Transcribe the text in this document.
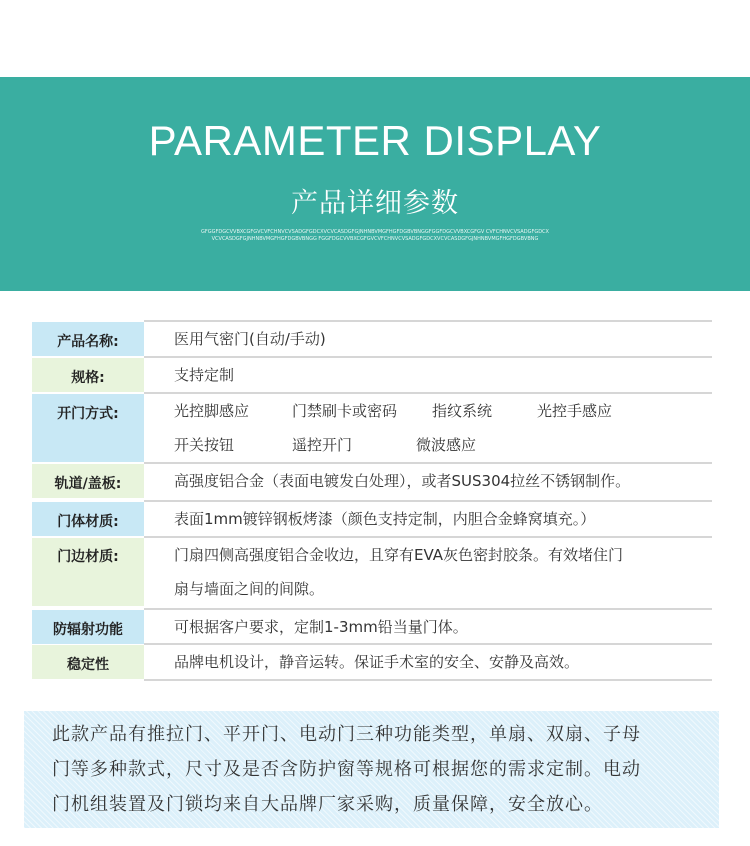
PARAMETER DISPLAY
产品详细参数
GFGGFDGCVVBXCGFGVCVFCHNVCVSADGFGDCXVCVCASDGFGJNHNBVMGFHGFDGBVBNGGFGGFDGCVVBXCGFGV CVFCHNVCVSADGFGDCXVCVCASDGFGJNHNBVMGFHGFDGBVBNGG FGGFDGCVVBXCGFGVCVFCHNVCVSADGFGDCXVCVCASDGFGJNHNBVMGFHGFDGBVBNG
产品名称:	医用气密门(自动/手动)
规格:	支持定制
开门方式:	光控脚感应	门禁刷卡或密码 指纹系统	光控手感应
开关按钮	遥控开门	微波感应
轨道/盖板:	高强度铝合金（表面电镀发白处理），或者SUS304拉丝不锈钢制作。
门体材质:	表面1mm镀锌钢板烤漆（颜色支持定制，内胆合金蜂窝填充。）
门边材质:	门扇四侧高强度铝合金收边，且穿有EVA灰色密封胶条。有效堵住门
扇与墙面之间的间隙。
防辐射功能	可根据客户要求，定制1-3mm铅当量门体。
稳定性	品牌电机设计，静音运转。保证手术室的安全、安静及高效。
此款产品有推拉门、平开门、电动门三种功能类型，单扇、双扇、子母
门等多种款式，尺寸及是否含防护窗等规格可根据您的需求定制。电动
门机组装置及门锁均来自大品牌厂家采购，质量保障，安全放心。
